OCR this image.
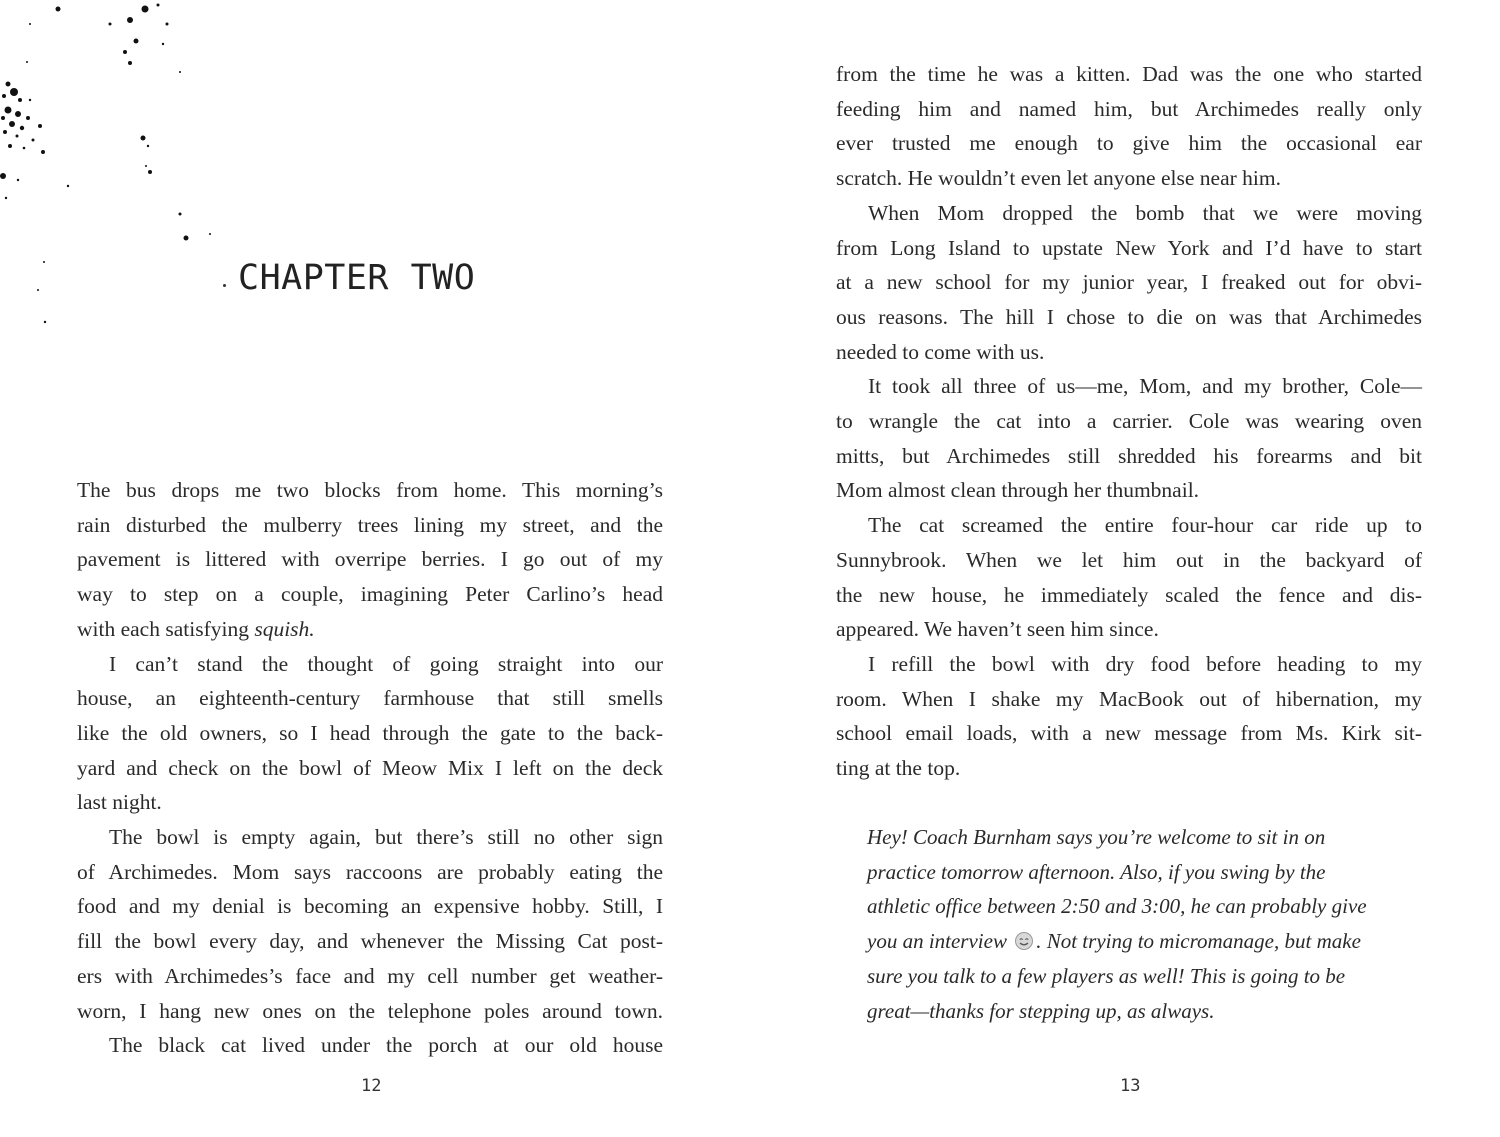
CHAPTER TWO

The bus drops me two blocks from home. This morning’s

rain disturbed the mulberry trees lining my street, and the

pavement is littered with overripe berries. I go out of my

way to step on a couple, imagining Peter Carlino’s head

with each satisfying squish.

I can’t stand the thought of going straight into our

house, an eighteenth-century farmhouse that still smells

like the old owners, so I head through the gate to the back-

yard and check on the bowl of Meow Mix I left on the deck

last night.

The bowl is empty again, but there’s still no other sign

of Archimedes. Mom says raccoons are probably eating the

food and my denial is becoming an expensive hobby. Still, I

fill the bowl every day, and whenever the Missing Cat post-

ers with Archimedes’s face and my cell number get weather-

worn, I hang new ones on the telephone poles around town.

The black cat lived under the porch at our old house

12	13

from the time he was a kitten. Dad was the one who started

feeding him and named him, but Archimedes really only

ever trusted me enough to give him the occasional ear

scratch. He wouldn’t even let anyone else near him.

When Mom dropped the bomb that we were moving

from Long Island to upstate New York and I’d have to start

at a new school for my junior year, I freaked out for obvi-

ous reasons. The hill I chose to die on was that Archimedes

needed to come with us.

It took all three of us—me, Mom, and my brother, Cole—

to wrangle the cat into a carrier. Cole was wearing oven

mitts, but Archimedes still shredded his forearms and bit

Mom almost clean through her thumbnail.

The cat screamed the entire four-hour car ride up to

Sunnybrook. When we let him out in the backyard of

the new house, he immediately scaled the fence and dis-

appeared. We haven’t seen him since.

I refill the bowl with dry food before heading to my

room. When I shake my MacBook out of hibernation, my

school email loads, with a new message from Ms. Kirk sit-

ting at the top.

Hey! Coach Burnham says you’re welcome to sit in on

practice tomorrow afternoon. Also, if you swing by the

athletic office between 2:50 and 3:00, he can probably give

you an interview . Not trying to micromanage, but make

sure you talk to a few players as well! This is going to be

great—thanks for stepping up, as always.
